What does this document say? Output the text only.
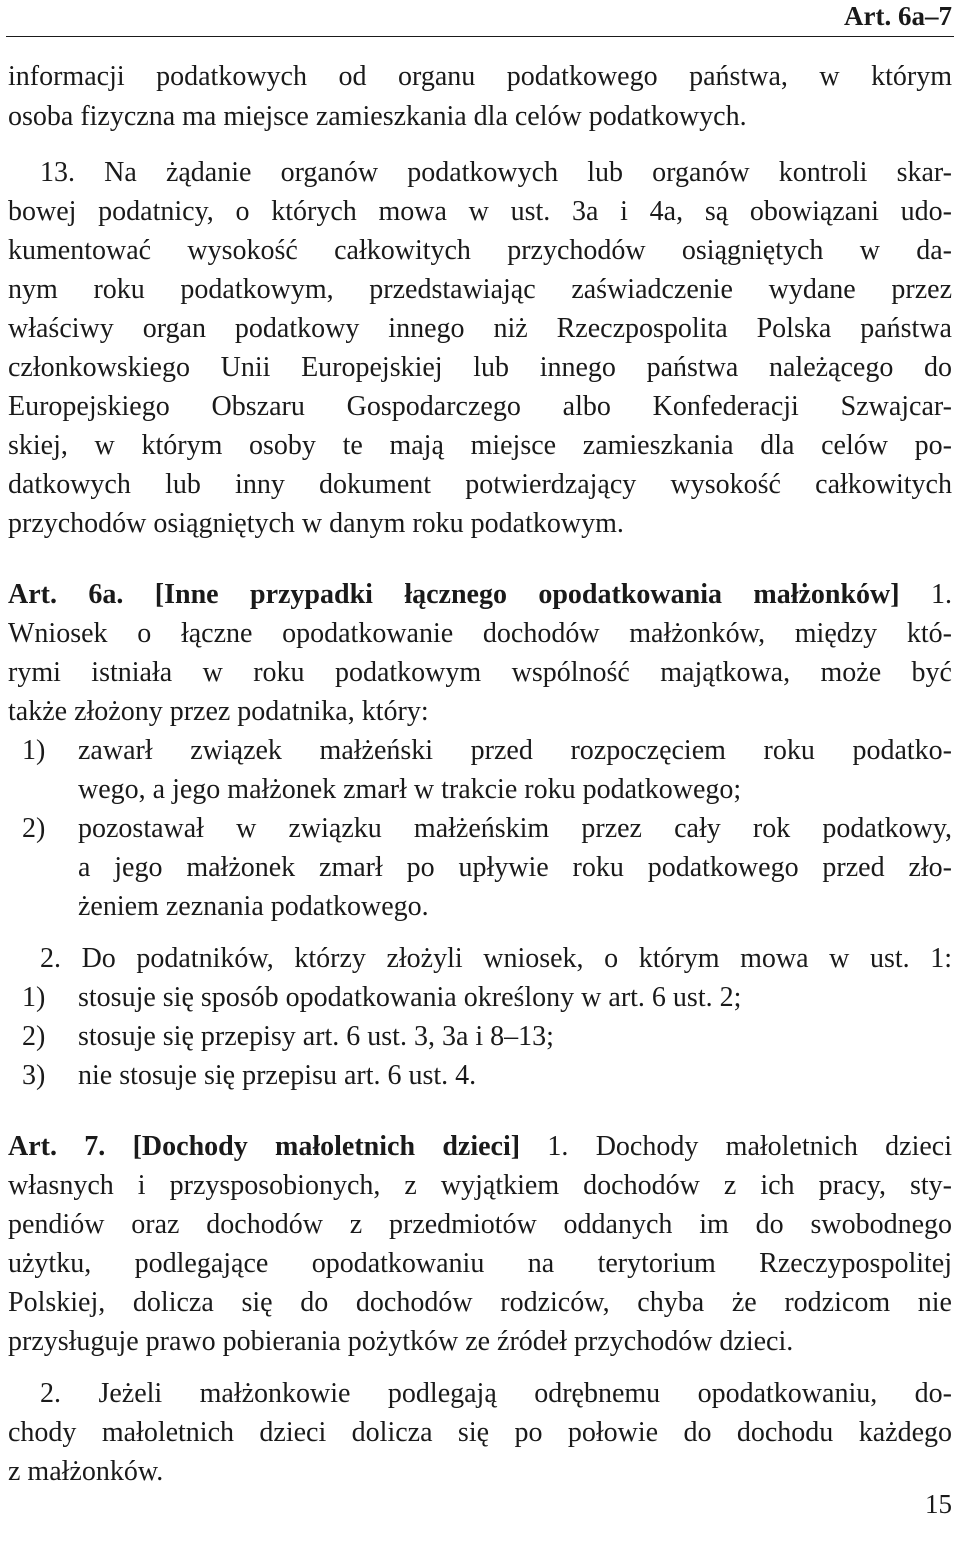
Art. 6a–7
informacji podatkowych od organu podatkowego państwa, w którym
osoba fizyczna ma miejsce zamieszkania dla celów podatkowych.
13. Na żądanie organów podatkowych lub organów kontroli skar-
bowej podatnicy, o których mowa w ust. 3a i 4a, są obowiązani udo-
kumentować wysokość całkowitych przychodów osiągniętych w da-
nym roku podatkowym, przedstawiając zaświadczenie wydane przez
właściwy organ podatkowy innego niż Rzeczpospolita Polska państwa
członkowskiego Unii Europejskiej lub innego państwa należącego do
Europejskiego Obszaru Gospodarczego albo Konfederacji Szwajcar-
skiej, w którym osoby te mają miejsce zamieszkania dla celów po-
datkowych lub inny dokument potwierdzający wysokość całkowitych
przychodów osiągniętych w danym roku podatkowym.
Art. 6a. [Inne przypadki łącznego opodatkowania małżonków] 1.
Wniosek o łączne opodatkowanie dochodów małżonków, między któ-
rymi istniała w roku podatkowym wspólność majątkowa, może być
także złożony przez podatnika, który:
1) zawarł związek małżeński przed rozpoczęciem roku podatko-
wego, a jego małżonek zmarł w trakcie roku podatkowego;
2) pozostawał w związku małżeńskim przez cały rok podatkowy,
a jego małżonek zmarł po upływie roku podatkowego przed zło-
żeniem zeznania podatkowego.
2. Do podatników, którzy złożyli wniosek, o którym mowa w ust. 1:
1) stosuje się sposób opodatkowania określony w art. 6 ust. 2;
2) stosuje się przepisy art. 6 ust. 3, 3a i 8–13;
3) nie stosuje się przepisu art. 6 ust. 4.
Art. 7. [Dochody małoletnich dzieci] 1. Dochody małoletnich dzieci
własnych i przysposobionych, z wyjątkiem dochodów z ich pracy, sty-
pendiów oraz dochodów z przedmiotów oddanych im do swobodnego
użytku, podlegające opodatkowaniu na terytorium Rzeczypospolitej
Polskiej, dolicza się do dochodów rodziców, chyba że rodzicom nie
przysługuje prawo pobierania pożytków ze źródeł przychodów dzieci.
2. Jeżeli małżonkowie podlegają odrębnemu opodatkowaniu, do-
chody małoletnich dzieci dolicza się po połowie do dochodu każdego
z małżonków.
15
